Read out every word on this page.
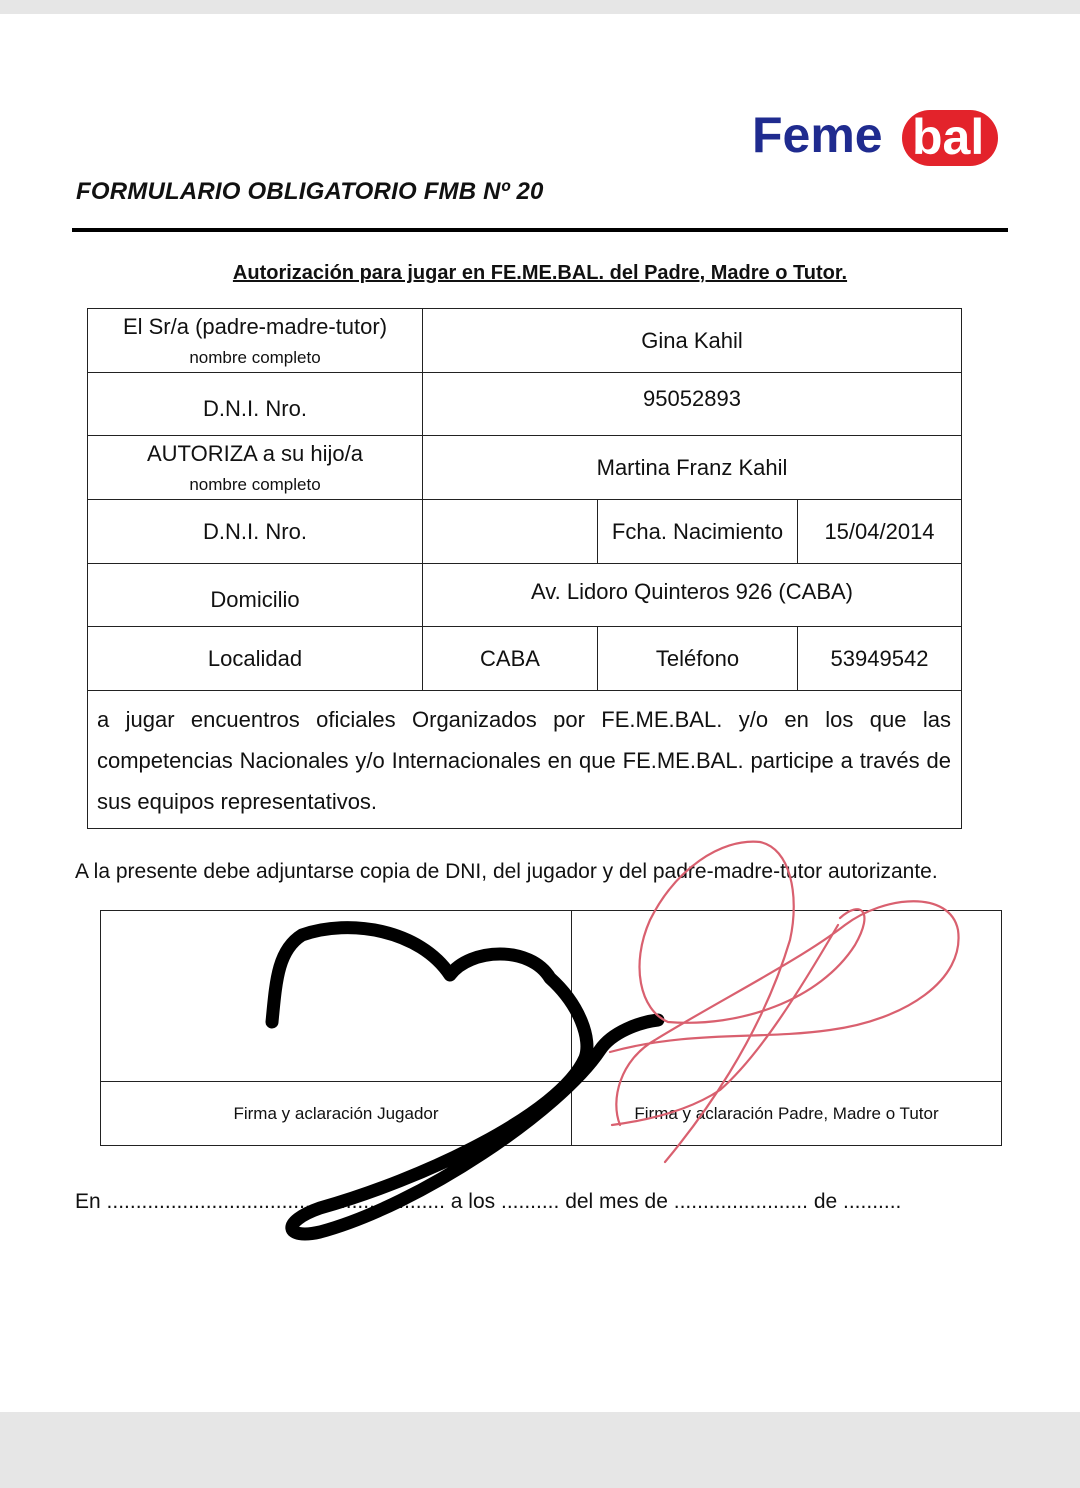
Feme bal
FORMULARIO OBLIGATORIO FMB Nº 20
Autorización para jugar en FE.ME.BAL. del Padre, Madre o Tutor.
El Sr/a (padre-madre-tutor)
nombre completo	Gina Kahil		
D.N.I. Nro.	95052893		

AUTORIZA a su hijo/a
nombre completo	Martina Franz Kahil		
D.N.I. Nro.		Fcha. Nacimiento	15/04/2014
Domicilio	Av. Lidoro Quinteros 926 (CABA)		
Localidad	CABA	Teléfono	53949542
a jugar encuentros oficiales Organizados por FE.ME.BAL. y/o en los que las competencias Nacionales y/o Internacionales en que FE.ME.BAL. participe a través de sus equipos representativos.			
A la presente debe adjuntarse copia de DNI, del jugador y del padre-madre-tutor autorizante.

Firma y aclaración Jugador	Firma y aclaración Padre, Madre o Tutor
En .......................................................... a los .......... del mes de ....................... de ..........
